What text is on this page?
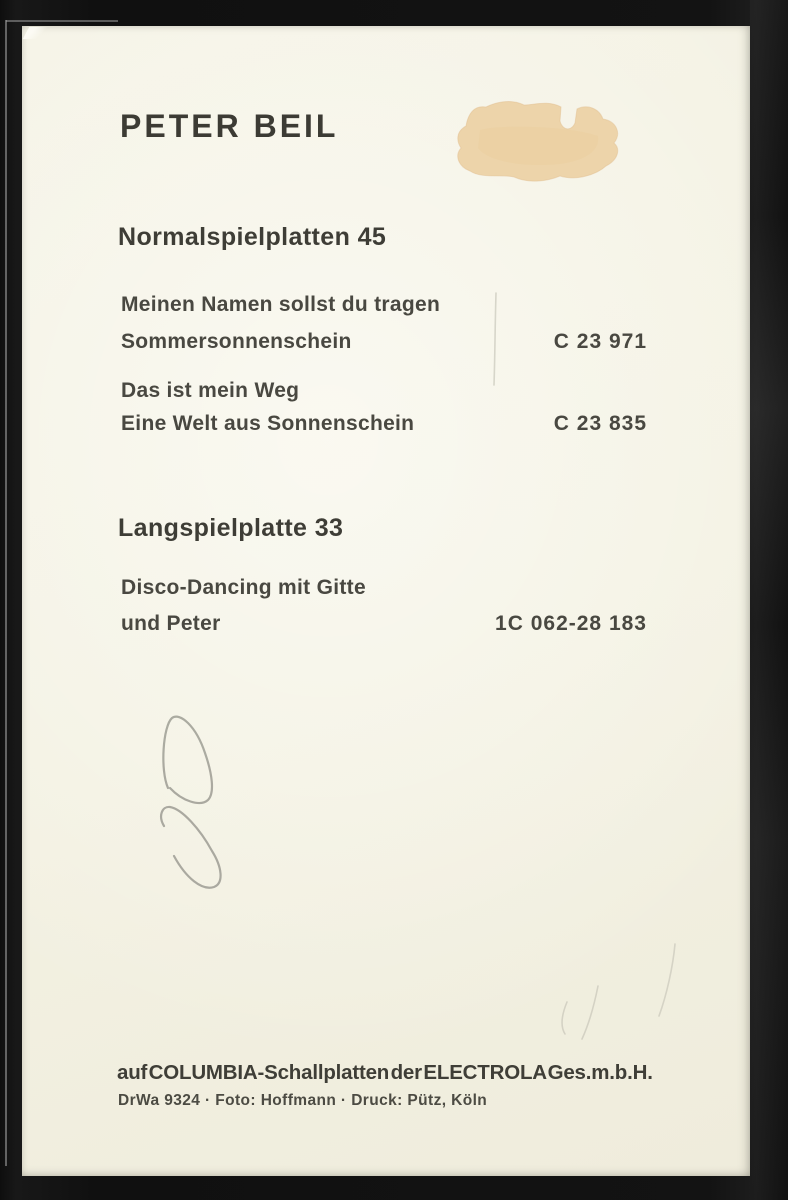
PETER BEIL
Normalspielplatten 45
Meinen Namen sollst du tragen
Sommersonnenschein	C 23 971
Das ist mein Weg
Eine Welt aus Sonnenschein	C 23 835
Langspielplatte 33
Disco-Dancing mit Gitte
und Peter	1C 062-28 183
auf COLUMBIA-Schallplatten der ELECTROLA Ges.m.b.H.
DrWa 9324 · Foto: Hoffmann · Druck: Pütz, Köln
